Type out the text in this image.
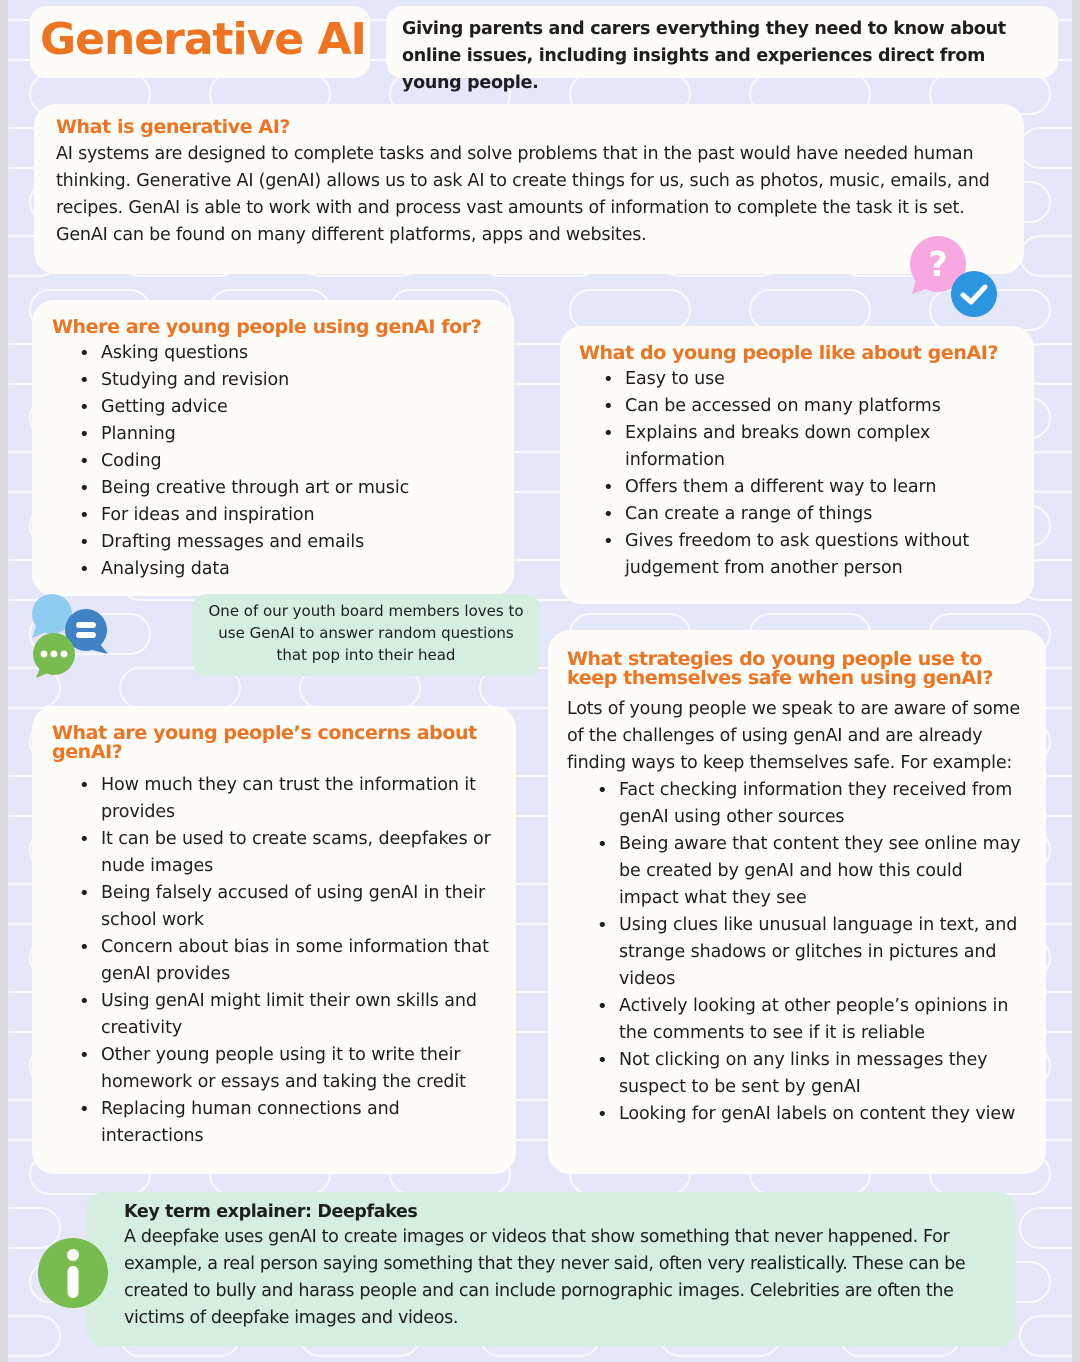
Generative AI Giving parents and carers everything they need to know about online issues, including insights and experiences direct from young people.

What is generative AI?

AI systems are designed to complete tasks and solve problems that in the past would have needed human thinking. Generative AI (genAI) allows us to ask AI to create things for us, such as photos, music, emails, and recipes. GenAI is able to work with and process vast amounts of information to complete the task it is set. GenAI can be found on many different platforms, apps and websites.

?
Where are young people using genAI for?
• Asking questions
• Studying and revision
• Getting advice
• Planning
• Coding
• Being creative through art or music
• For ideas and inspiration
• Drafting messages and emails
• Analysing data
What do young people like about genAI?
• Easy to use
• Can be accessed on many platforms
• Explains and breaks down complex information
• Offers them a different way to learn
• Can create a range of things
• Gives freedom to ask questions without judgement from another person
One of our youth board members loves to use GenAI to answer random questions that pop into their head
What are young people’s concerns about genAI?
• How much they can trust the information it provides
• It can be used to create scams, deepfakes or nude images
• Being falsely accused of using genAI in their school work
• Concern about bias in some information that genAI provides
• Using genAI might limit their own skills and creativity
• Other young people using it to write their homework or essays and taking the credit
• Replacing human connections and interactions
What strategies do young people use to keep themselves safe when using genAI?

Lots of young people we speak to are aware of some of the challenges of using genAI and are already finding ways to keep themselves safe. For example:

• Fact checking information they received from genAI using other sources
• Being aware that content they see online may be created by genAI and how this could impact what they see
• Using clues like unusual language in text, and strange shadows or glitches in pictures and videos
• Actively looking at other people’s opinions in the comments to see if it is reliable
• Not clicking on any links in messages they suspect to be sent by genAI
• Looking for genAI labels on content they view

Key term explainer: Deepfakes

A deepfake uses genAI to create images or videos that show something that never happened. For example, a real person saying something that they never said, often very realistically. These can be created to bully and harass people and can include pornographic images. Celebrities are often the victims of deepfake images and videos.
